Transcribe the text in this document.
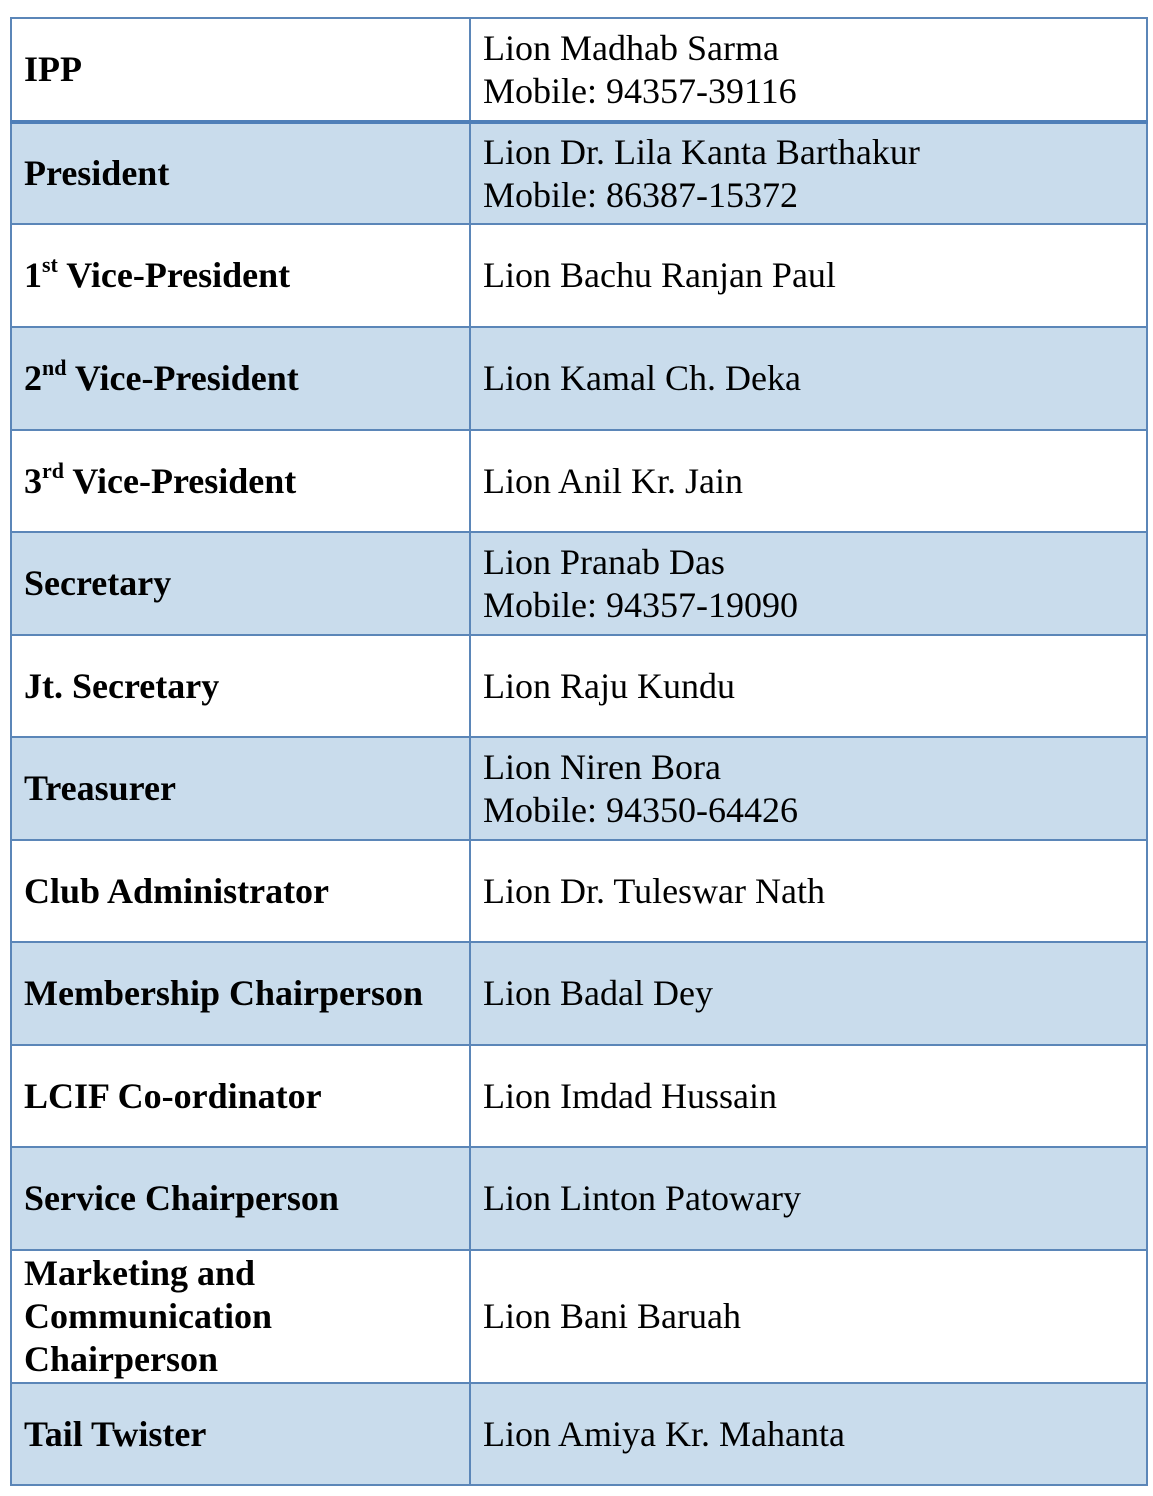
IPP	Lion Madhab Sarma
Mobile: 94357-39116

President	Lion Dr. Lila Kanta Barthakur
Mobile: 86387-15372

1st Vice-President	Lion Bachu Ranjan Paul

2nd Vice-President	Lion Kamal Ch. Deka

3rd Vice-President	Lion Anil Kr. Jain

Secretary	Lion Pranab Das
Mobile: 94357-19090

Jt. Secretary	Lion Raju Kundu

Treasurer	Lion Niren Bora
Mobile: 94350-64426

Club Administrator	Lion Dr. Tuleswar Nath

Membership Chairperson	Lion Badal Dey

LCIF Co-ordinator	Lion Imdad Hussain

Service Chairperson	Lion Linton Patowary

Marketing and Communication Chairperson	Lion Bani Baruah

Tail Twister	Lion Amiya Kr. Mahanta
